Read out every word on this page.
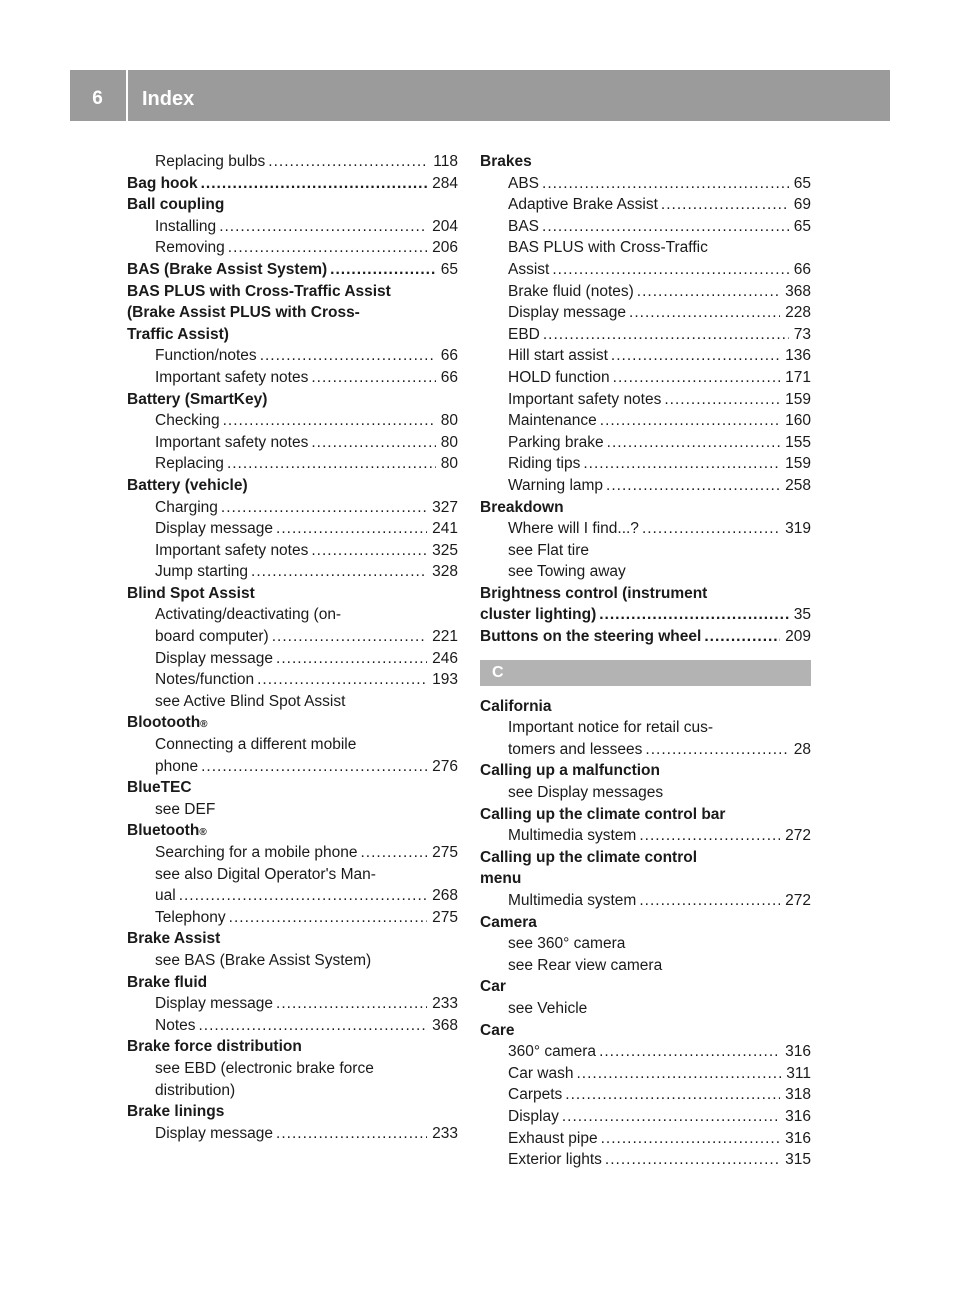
6	Index
Replacing bulbs .....	118
Bag hook .....	284
Ball coupling
Installing .....	204
Removing .....	206
BAS (Brake Assist System) .....	65
BAS PLUS with Cross-Traffic Assist
(Brake Assist PLUS with Cross-
Traffic Assist)
Function/notes .....	66
Important safety notes .....	66
Battery (SmartKey)
Checking .....	80
Important safety notes .....	80
Replacing .....	80
Battery (vehicle)
Charging .....	327
Display message .....	241
Important safety notes .....	325
Jump starting .....	328
Blind Spot Assist
Activating/deactivating (on-
board computer) .....	221
Display message .....	246
Notes/function .....	193
see Active Blind Spot Assist
Blootooth ®
Connecting a different mobile
phone .....	276
BlueTEC
see DEF
Bluetooth ®
Searching for a mobile phone .....	275
see also Digital Operator's Man-
ual .....	268
Telephony .....	275
Brake Assist
see BAS (Brake Assist System)
Brake fluid
Display message .....	233
Notes .....	368
Brake force distribution
see EBD (electronic brake force
distribution)
Brake linings
Display message .....	233
Brakes
ABS .....	65
Adaptive Brake Assist .....	69
BAS .....	65
BAS PLUS with Cross-Traffic
Assist .....	66
Brake fluid (notes) .....	368
Display message .....	228
EBD .....	73
Hill start assist .....	136
HOLD function .....	171
Important safety notes .....	159
Maintenance .....	160
Parking brake .....	155
Riding tips .....	159
Warning lamp .....	258
Breakdown
Where will I find...? .....	319
see Flat tire
see Towing away
Brightness control (instrument
cluster lighting) .....	35
Buttons on the steering wheel .....	209
C
California
Important notice for retail cus-
tomers and lessees .....	28
Calling up a malfunction
see Display messages
Calling up the climate control bar
Multimedia system .....	272
Calling up the climate control
menu
Multimedia system .....	272
Camera
see 360° camera
see Rear view camera
Car
see Vehicle
Care
360° camera .....	316
Car wash .....	311
Carpets .....	318
Display .....	316
Exhaust pipe .....	316
Exterior lights .....	315
